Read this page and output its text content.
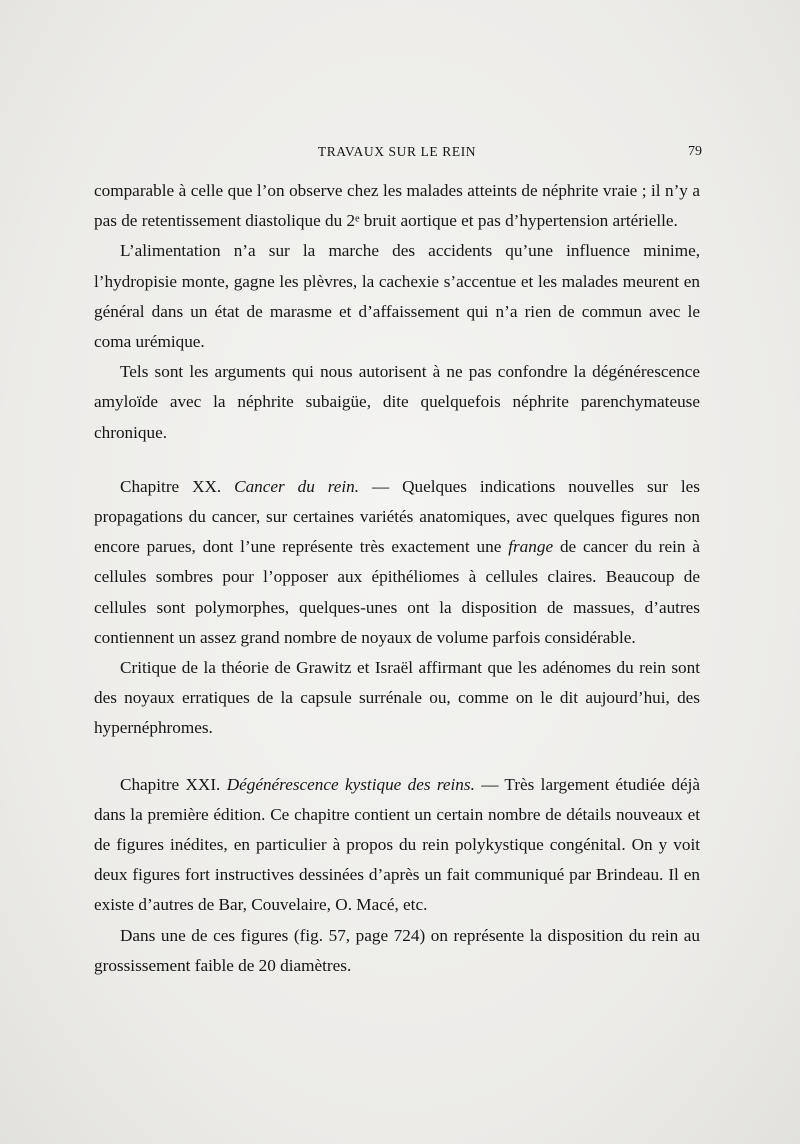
TRAVAUX SUR LE REIN	79

comparable à celle que l’on observe chez les malades atteints de néphrite vraie ; il n’y a pas de retentissement diastolique du 2ᵉ bruit aortique et pas d’hypertension artérielle.

L’alimentation n’a sur la marche des accidents qu’une influence minime, l’hydropisie monte, gagne les plèvres, la cachexie s’accentue et les malades meurent en général dans un état de marasme et d’affaissement qui n’a rien de commun avec le coma urémique.

Tels sont les arguments qui nous autorisent à ne pas confondre la dégénérescence amyloïde avec la néphrite subaigüe, dite quelquefois néphrite parenchymateuse chronique.

Chapitre XX. Cancer du rein. — Quelques indications nouvelles sur les propagations du cancer, sur certaines variétés anatomiques, avec quelques figures non encore parues, dont l’une représente très exactement une frange de cancer du rein à cellules sombres pour l’opposer aux épithéliomes à cellules claires. Beaucoup de cellules sont polymorphes, quelques-unes ont la disposition de massues, d’autres contiennent un assez grand nombre de noyaux de volume parfois considérable.

Critique de la théorie de Grawitz et Israël affirmant que les adénomes du rein sont des noyaux erratiques de la capsule surrénale ou, comme on le dit aujourd’hui, des hypernéphromes.

Chapitre XXI. Dégénérescence kystique des reins. — Très largement étudiée déjà dans la première édition. Ce chapitre contient un certain nombre de détails nouveaux et de figures inédites, en particulier à propos du rein polykystique congénital. On y voit deux figures fort instructives dessinées d’après un fait communiqué par Brindeau. Il en existe d’autres de Bar, Couvelaire, O. Macé, etc.

Dans une de ces figures (fig. 57, page 724) on représente la disposition du rein au grossissement faible de 20 diamètres.
